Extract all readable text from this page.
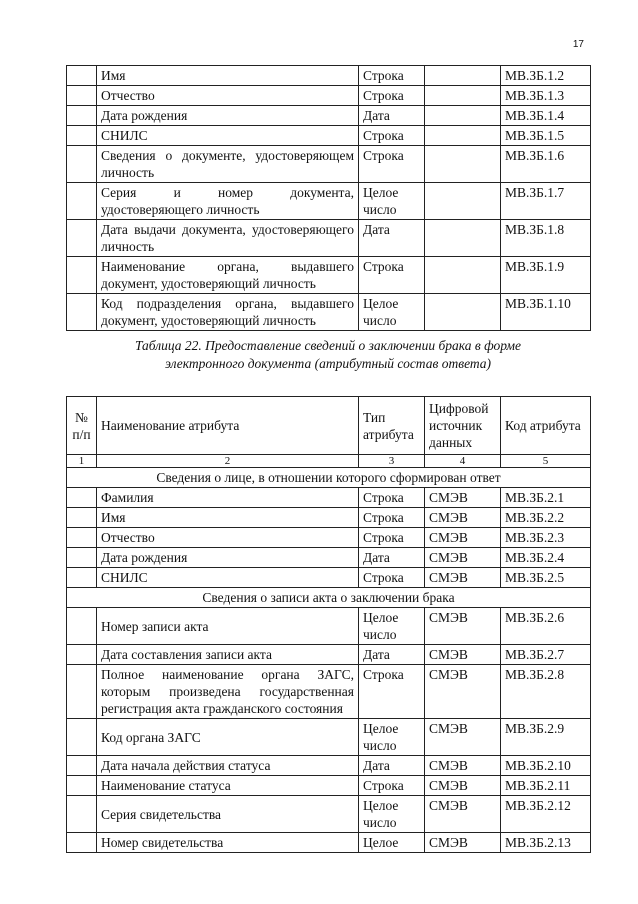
17
	Имя	Строка		МВ.ЗБ.1.2
	Отчество	Строка		МВ.ЗБ.1.3
	Дата рождения	Дата		МВ.ЗБ.1.4
	СНИЛС	Строка		МВ.ЗБ.1.5
	Сведения о документе, удостоверяющем личность	Строка		МВ.ЗБ.1.6
	Серия и номер документа, удостоверяющего личность	Целое число		МВ.ЗБ.1.7
	Дата выдачи документа, удостоверяющего личность	Дата		МВ.ЗБ.1.8
	Наименование органа, выдавшего документ, удостоверяющий личность	Строка		МВ.ЗБ.1.9
	Код подразделения органа, выдавшего документ, удостоверяющий личность	Целое число		МВ.ЗБ.1.10
Таблица 22. Предоставление сведений о заключении брака в форме
электронного документа (атрибутный состав ответа)
№ п/п	Наименование атрибута	Тип атрибута	Цифровой источник данных	Код атрибута
1	2	3	4	5
Сведения о лице, в отношении которого сформирован ответ				
	Фамилия	Строка	СМЭВ	МВ.ЗБ.2.1
	Имя	Строка	СМЭВ	МВ.ЗБ.2.2
	Отчество	Строка	СМЭВ	МВ.ЗБ.2.3
	Дата рождения	Дата	СМЭВ	МВ.ЗБ.2.4
	СНИЛС	Строка	СМЭВ	МВ.ЗБ.2.5
Сведения о записи акта о заключении брака				
	Номер записи акта	Целое число	СМЭВ	МВ.ЗБ.2.6
	Дата составления записи акта	Дата	СМЭВ	МВ.ЗБ.2.7
	Полное наименование органа ЗАГС, которым произведена государственная регистрация акта гражданского состояния	Строка	СМЭВ	МВ.ЗБ.2.8
	Код органа ЗАГС	Целое число	СМЭВ	МВ.ЗБ.2.9
	Дата начала действия статуса	Дата	СМЭВ	МВ.ЗБ.2.10
	Наименование статуса	Строка	СМЭВ	МВ.ЗБ.2.11
	Серия свидетельства	Целое число	СМЭВ	МВ.ЗБ.2.12
	Номер свидетельства	Целое	СМЭВ	МВ.ЗБ.2.13
